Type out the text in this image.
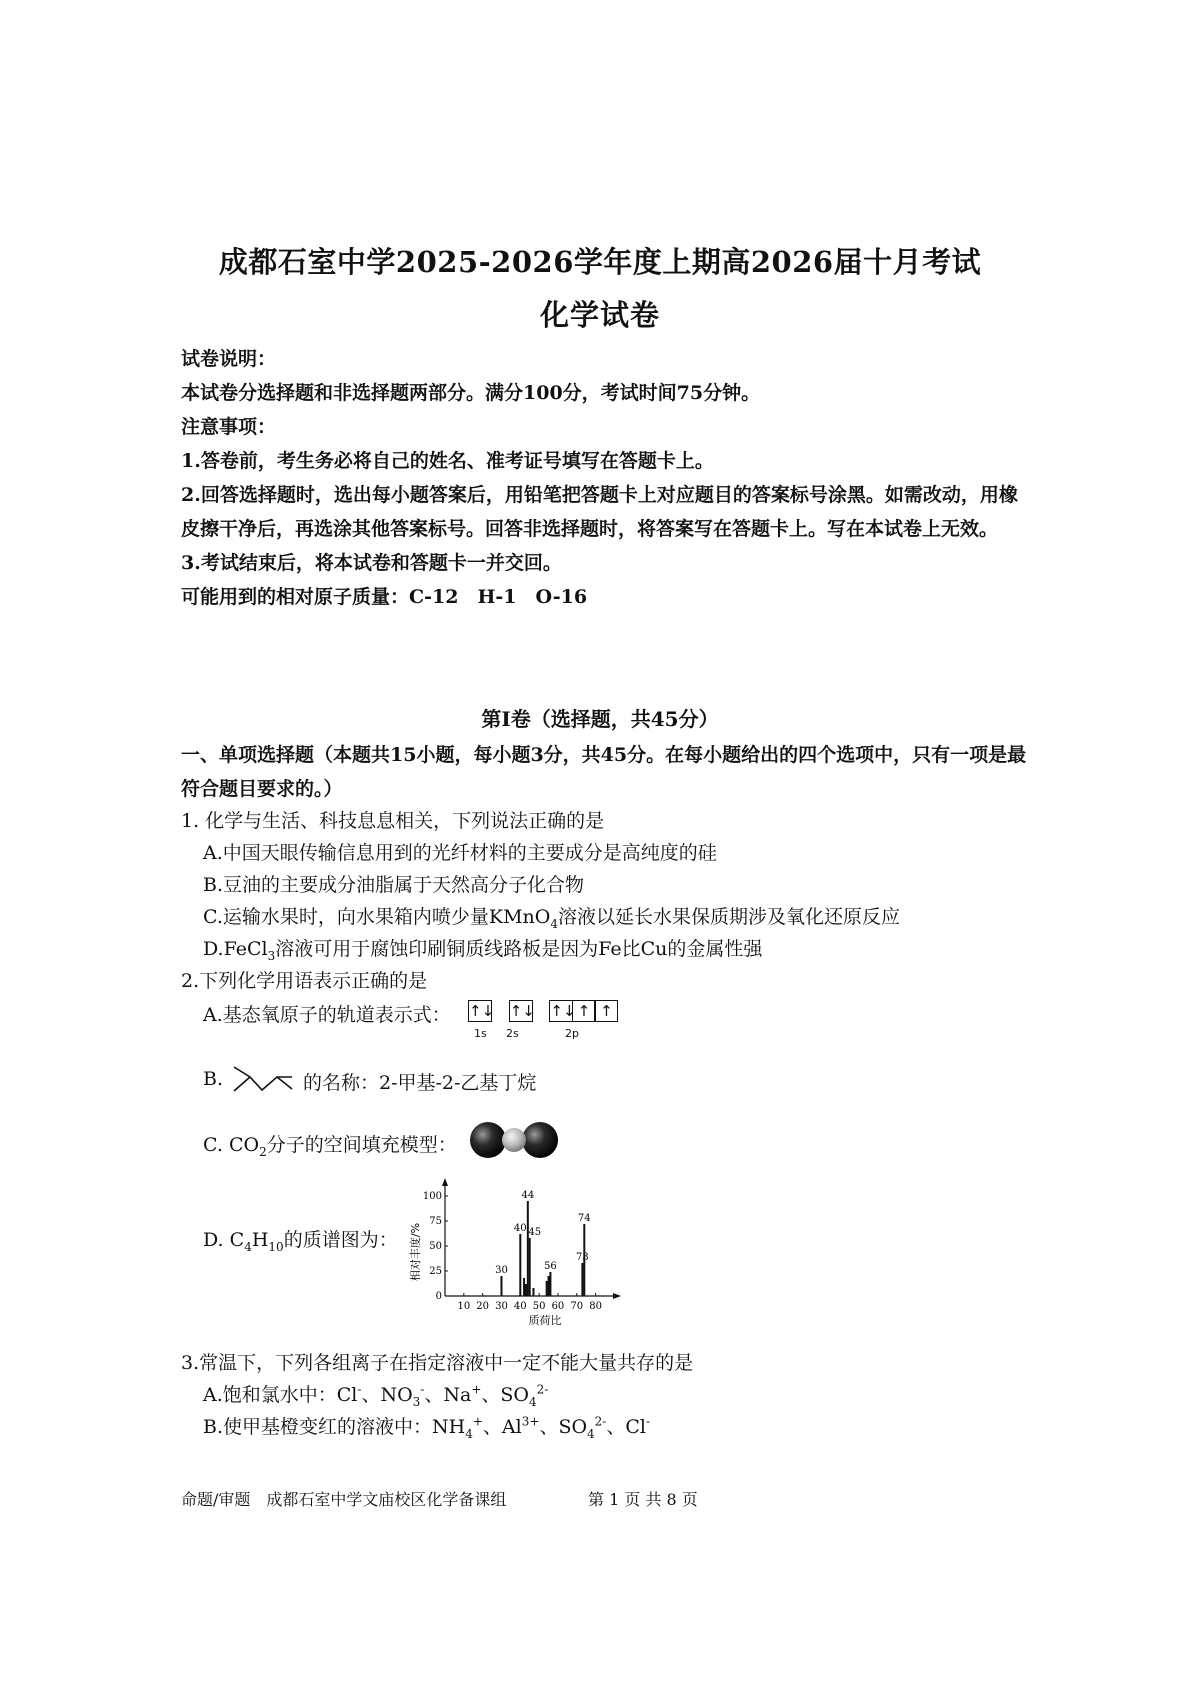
成都石室中学2025-2026学年度上期高2026届十月考试
化学试卷

试卷说明：

本试卷分选择题和非选择题两部分。满分100分，考试时间75分钟。

注意事项：

1.答卷前，考生务必将自己的姓名、准考证号填写在答题卡上。

2.回答选择题时，选出每小题答案后，用铅笔把答题卡上对应题目的答案标号涂黑。如需改动，用橡皮擦干净后，再选涂其他答案标号。回答非选择题时，将答案写在答题卡上。写在本试卷上无效。

3.考试结束后，将本试卷和答题卡一并交回。

可能用到的相对原子质量：C-12　H-1　O-16

第Ⅰ卷（选择题，共45分）
一、单项选择题（本题共15小题，每小题3分，共45分。在每小题给出的四个选项中，只有一项是最符合题目要求的。）
1. 化学与生活、科技息息相关，下列说法正确的是
A.中国天眼传输信息用到的光纤材料的主要成分是高纯度的硅
B.豆油的主要成分油脂属于天然高分子化合物
C.运输水果时，向水果箱内喷少量KMnO$_4$溶液以延长水果保质期涉及氧化还原反应
D.FeCl$_3$溶液可用于腐蚀印刷铜质线路板是因为Fe比Cu的金属性强
2.下列化学用语表示正确的是
A.基态氧原子的轨道表示式： ↑↓ ↑↓ ↑↓ ↑ ↑
1s 2s	2p
B.	的名称：2-甲基-2-乙基丁烷
C. $CO_2$分子的空间填充模型：
D. $C_4H_{10}$的质谱图为：
10 20 30 40 50 60 70 80
0
25
50
75
100
30
40
44
45
56
73
74
质荷比
相对丰度/%
3.常温下，下列各组离子在指定溶液中一定不能大量共存的是
A.饱和氯水中：Cl-、$NO_3^-$、Na+、$SO_4^{2-}$
B.使甲基橙变红的溶液中：$NH_4^+$、$Al^{3+}$、$SO_4^{2-}$、Cl-
命题/审题　成都石室中学文庙校区化学备课组	第 1 页 共 8 页
